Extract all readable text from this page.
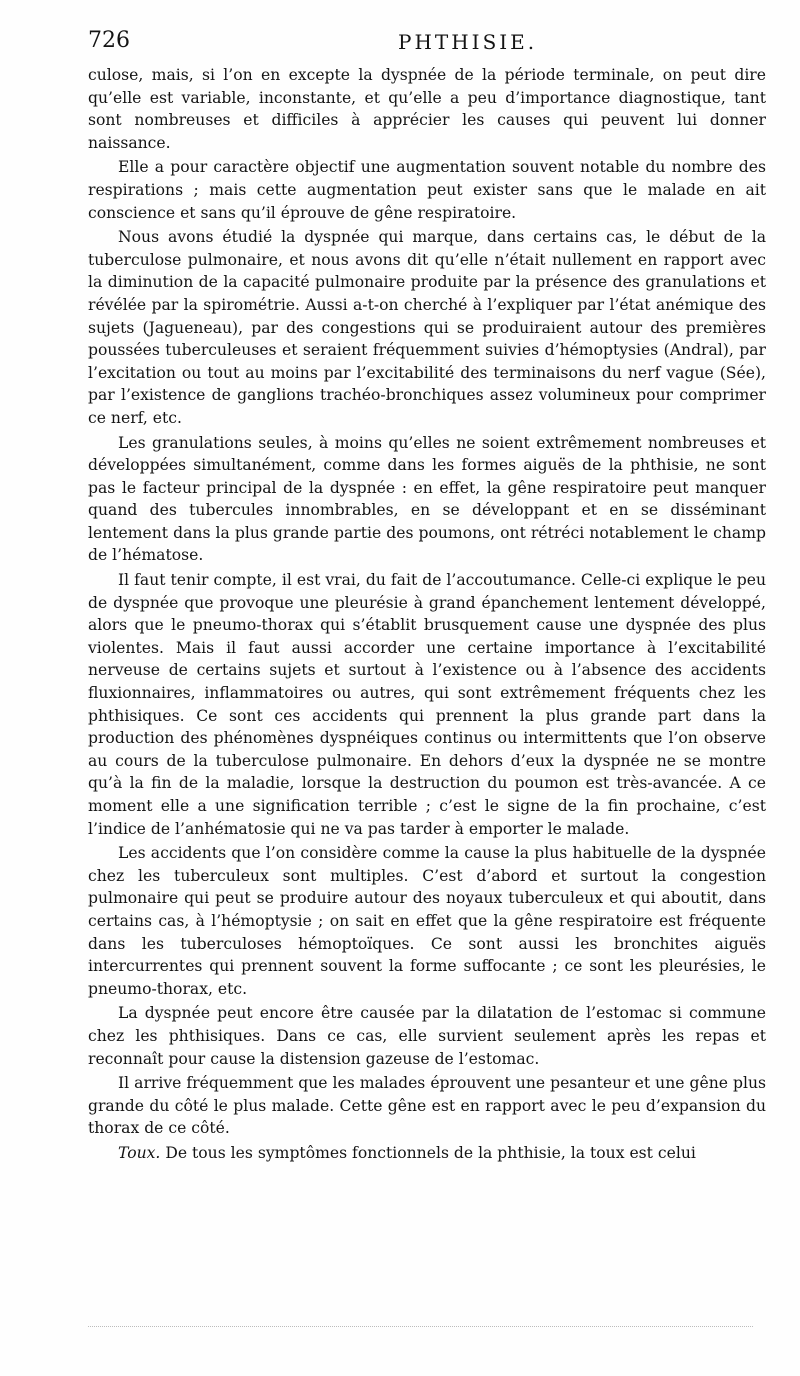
726	PHTHISIE.

culose, mais, si l’on en excepte la dyspnée de la période terminale, on peut dire qu’elle est variable, inconstante, et qu’elle a peu d’importance diagnostique, tant sont nombreuses et difficiles à apprécier les causes qui peuvent lui donner naissance.

Elle a pour caractère objectif une augmentation souvent notable du nombre des respirations ; mais cette augmentation peut exister sans que le malade en ait conscience et sans qu’il éprouve de gêne respiratoire.

Nous avons étudié la dyspnée qui marque, dans certains cas, le début de la tuberculose pulmonaire, et nous avons dit qu’elle n’était nullement en rapport avec la diminution de la capacité pulmonaire produite par la présence des granulations et révélée par la spirométrie. Aussi a-t-on cherché à l’expliquer par l’état anémique des sujets (Jagueneau), par des congestions qui se produiraient autour des premières poussées tuberculeuses et seraient fréquemment suivies d’hémoptysies (Andral), par l’excitation ou tout au moins par l’excitabilité des terminaisons du nerf vague (Sée), par l’existence de ganglions trachéo-bronchiques assez volumineux pour comprimer ce nerf, etc.

Les granulations seules, à moins qu’elles ne soient extrêmement nombreuses et développées simultanément, comme dans les formes aiguës de la phthisie, ne sont pas le facteur principal de la dyspnée : en effet, la gêne respiratoire peut manquer quand des tubercules innombrables, en se développant et en se disséminant lentement dans la plus grande partie des poumons, ont rétréci notablement le champ de l’hématose.

Il faut tenir compte, il est vrai, du fait de l’accoutumance. Celle-ci explique le peu de dyspnée que provoque une pleurésie à grand épanchement lentement développé, alors que le pneumo-thorax qui s’établit brusquement cause une dyspnée des plus violentes. Mais il faut aussi accorder une certaine importance à l’excitabilité nerveuse de certains sujets et surtout à l’existence ou à l’absence des accidents fluxionnaires, inflammatoires ou autres, qui sont extrêmement fréquents chez les phthisiques. Ce sont ces accidents qui prennent la plus grande part dans la production des phénomènes dyspnéiques continus ou intermittents que l’on observe au cours de la tuberculose pulmonaire. En dehors d’eux la dyspnée ne se montre qu’à la fin de la maladie, lorsque la destruction du poumon est très-avancée. A ce moment elle a une signification terrible ; c’est le signe de la fin prochaine, c’est l’indice de l’anhématosie qui ne va pas tarder à emporter le malade.

Les accidents que l’on considère comme la cause la plus habituelle de la dyspnée chez les tuberculeux sont multiples. C’est d’abord et surtout la congestion pulmonaire qui peut se produire autour des noyaux tuberculeux et qui aboutit, dans certains cas, à l’hémoptysie ; on sait en effet que la gêne respiratoire est fréquente dans les tuberculoses hémoptoïques. Ce sont aussi les bronchites aiguës intercurrentes qui prennent souvent la forme suffocante ; ce sont les pleurésies, le pneumo-thorax, etc.

La dyspnée peut encore être causée par la dilatation de l’estomac si commune chez les phthisiques. Dans ce cas, elle survient seulement après les repas et reconnaît pour cause la distension gazeuse de l’estomac.

Il arrive fréquemment que les malades éprouvent une pesanteur et une gêne plus grande du côté le plus malade. Cette gêne est en rapport avec le peu d’expansion du thorax de ce côté.

Toux. De tous les symptômes fonctionnels de la phthisie, la toux est celui
